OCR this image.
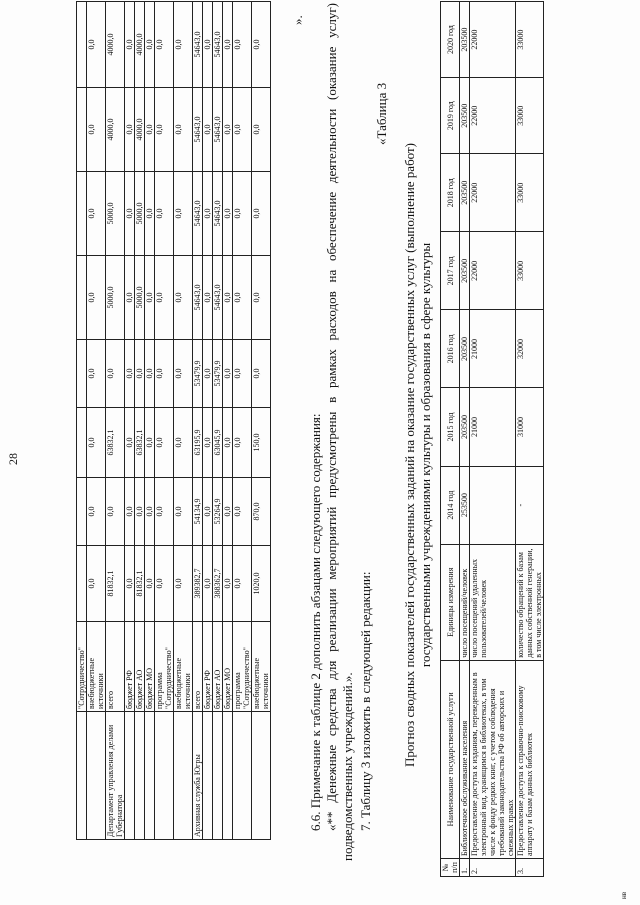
28
	"Сотрудничество"								
	внебюджетные источники	0,0	0,0	0,0	0,0	0,0	0,0	0,0	0,0
Департамент управления делами Губернатора	всего	81832,1	0,0	63832,1	0,0	5000,0	5000,0	4000,0	4000,0
	бюджет РФ	0,0	0,0	0,0	0,0	0,0	0,0	0,0	0,0
	бюджет АО	81832,1	0,0	63832,1	0,0	5000,0	5000,0	4000,0	4000,0
	бюджет МО	0,0	0,0	0,0	0,0	0,0	0,0	0,0	0,0
	программа "Сотрудничество"	0,0	0,0	0,0	0,0	0,0	0,0	0,0	0,0
	внебюджетные источники	0,0	0,0	0,0	0,0	0,0	0,0	0,0	0,0
Архивная служба Югры	всего	389382,7	54134,9	63195,9	53479,9	54643,0	54643,0	54643,0	54643,0
	бюджет РФ	0,0	0,0	0,0	0,0	0,0	0,0	0,0	0,0
	бюджет АО	388362,7	53264,9	63045,9	53479,9	54643,0	54643,0	54643,0	54643,0
	бюджет МО	0,0	0,0	0,0	0,0	0,0	0,0	0,0	0,0
	программа "Сотрудничество"	0,0	0,0	0,0	0,0	0,0	0,0	0,0	0,0
	внебюджетные источники	1020,0	870,0	150,0	0,0	0,0	0,0	0,0	0,0
».
6.6. Примечание к таблице 2 дополнить абзацами следующего содержания: «** Денежные средства для реализации мероприятий предусмотрены в рамках расходов на обеспечение деятельности (оказание услуг) подведомственных учреждений.». 7. Таблицу 3 изложить в следующей редакции:
«Таблица 3
Прогноз сводных показателей государственных заданий на оказание государственных услуг (выполнение работ) государственными учреждениями культуры и образования в сфере культуры
№ п/п	Наименование государственной услуги	Единицы измерения	2014 год	2015 год	2016 год	2017 год	2018 год	2019 год	2020 год
1.	Библиотечное обслуживание населения	число посещений/человек	253500	203500	203500	203500	203500	203500	203500
2.	Предоставление доступа к изданиям, переведенным в электронный вид, хранящимся в библиотеках, в том числе к фонду редких книг, с учетом соблюдения требований законодательства РФ об авторских и смежных правах	число посещений удаленных пользователей/человек		21000	21000	22000	22000	22000	22000
3.	Предоставление доступа к справочно-поисковому аппарату и базам данных библиотек	количество обращений к базам данных собственной генерации, в том числе электронных	-	31000	32000	33000	33000	33000	33000
нв
